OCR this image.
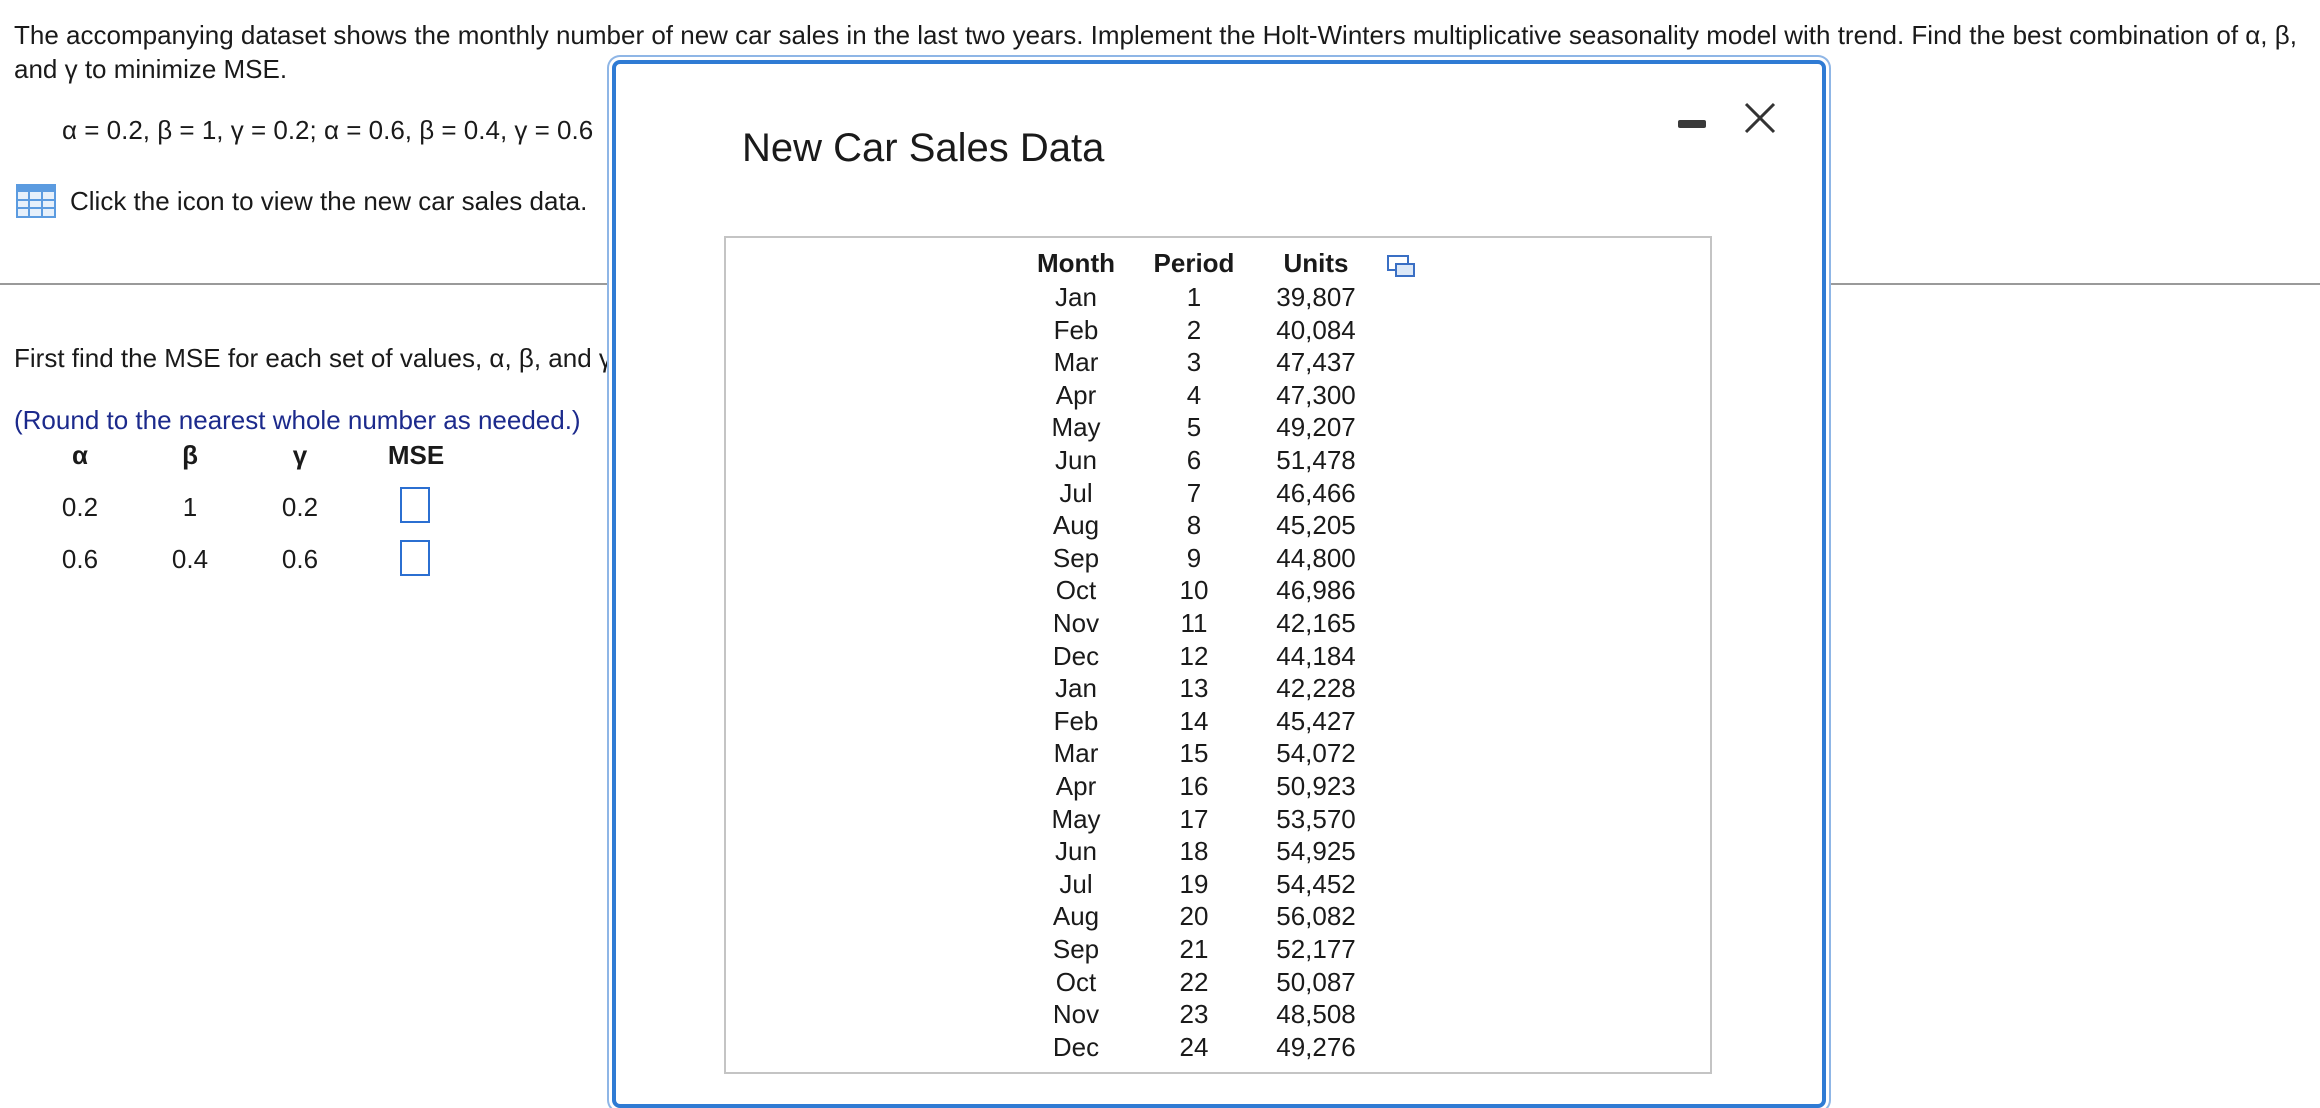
The accompanying dataset shows the monthly number of new car sales in the last two years. Implement the Holt-Winters multiplicative seasonality model with trend. Find the best combination of α, β, and γ to minimize MSE.
α = 0.2, β = 1, γ = 0.2; α = 0.6, β = 0.4, γ = 0.6
Click the icon to view the new car sales data.
First find the MSE for each set of values, α, β, and γ
(Round to the nearest whole number as needed.)
α	β	γ	MSE
0.2	1	0.2
0.6	0.4	0.6
New Car Sales Data
Month	Period	Units
Jan	1	39,807
Feb	2	40,084
Mar	3	47,437
Apr	4	47,300
May	5	49,207
Jun	6	51,478
Jul	7	46,466
Aug	8	45,205
Sep	9	44,800
Oct	10	46,986
Nov	11	42,165
Dec	12	44,184
Jan	13	42,228
Feb	14	45,427
Mar	15	54,072
Apr	16	50,923
May	17	53,570
Jun	18	54,925
Jul	19	54,452
Aug	20	56,082
Sep	21	52,177
Oct	22	50,087
Nov	23	48,508
Dec	24	49,276
